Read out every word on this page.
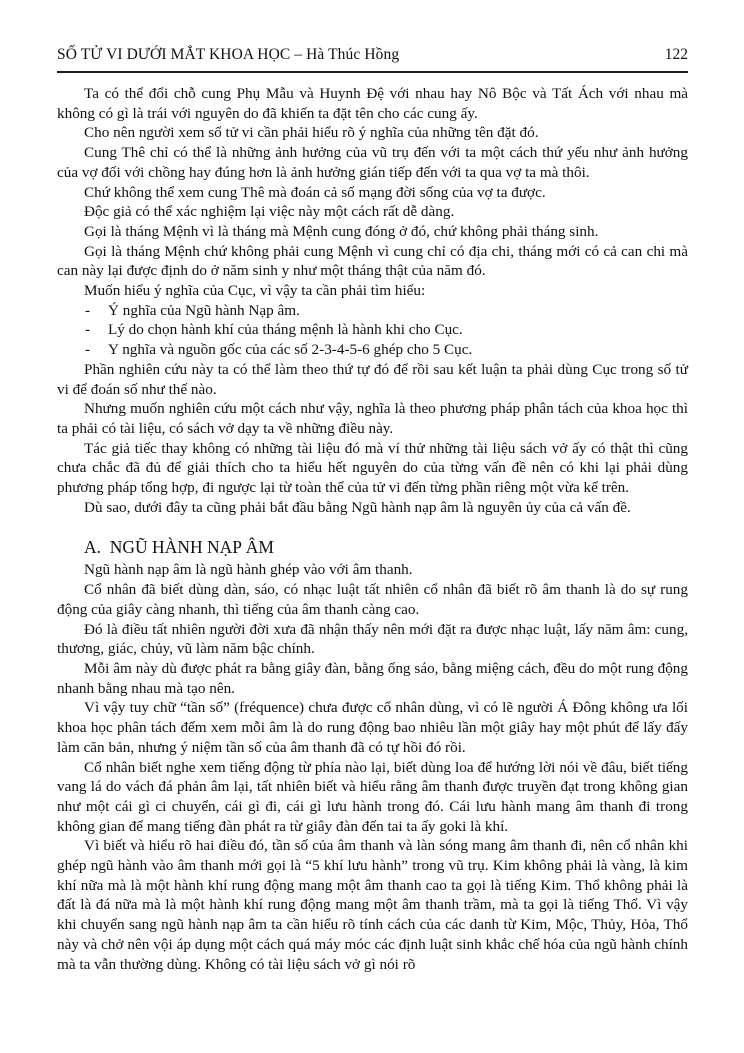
SỐ TỬ VI DƯỚI MẮT KHOA HỌC – Hà Thúc Hồng	122

Ta có thể đổi chỗ cung Phụ Mẫu và Huynh Đệ với nhau hay Nô Bộc và Tất Ách với nhau mà không có gì là trái với nguyên do đã khiến ta đặt tên cho các cung ấy.

Cho nên người xem số tử vi cần phải hiểu rõ ý nghĩa của những tên đặt đó.

Cung Thê chỉ có thể là những ảnh hưởng của vũ trụ đến với ta một cách thứ yếu như ảnh hưởng của vợ đối với chồng hay đúng hơn là ảnh hưởng gián tiếp đến với ta qua vợ ta mà thôi.

Chứ không thể xem cung Thê mà đoán cả số mạng đời sống của vợ ta được.

Độc giả có thể xác nghiệm lại việc này một cách rất dễ dàng.

Gọi là tháng Mệnh vì là tháng mà Mệnh cung đóng ở đó, chứ không phải tháng sinh.

Gọi là tháng Mệnh chứ không phải cung Mệnh vì cung chỉ có địa chi, tháng mới có cả can chi mà can này lại được định do ở năm sinh y như một tháng thật của năm đó.

Muốn hiểu ý nghĩa của Cục, vì vậy ta cần phải tìm hiểu:

- Ý nghĩa của Ngũ hành Nạp âm.
- Lý do chọn hành khí của tháng mệnh là hành khi cho Cục.
- Y nghĩa và nguồn gốc của các số 2-3-4-5-6 ghép cho 5 Cục.

Phần nghiên cứu này ta có thể làm theo thứ tự đó để rồi sau kết luận ta phải dùng Cục trong số tử vi để đoán số như thế nào.

Nhưng muốn nghiên cứu một cách như vậy, nghĩa là theo phương pháp phân tách của khoa học thì ta phải có tài liệu, có sách vở dạy ta về những điều này.

Tác giả tiếc thay không có những tài liệu đó mà ví thử những tài liệu sách vở ấy có thật thì cũng chưa chắc đã đủ để giải thích cho ta hiểu hết nguyên do của từng vấn đề nên có khi lại phải dùng phương pháp tổng hợp, đi ngược lại từ toàn thể của tử vi đến từng phần riêng một vừa kể trên.

Dù sao, dưới đây ta cũng phải bắt đầu bằng Ngũ hành nạp âm là nguyên ủy của cả vấn đề.

A.  NGŨ HÀNH NẠP ÂM

Ngũ hành nạp âm là ngũ hành ghép vào với âm thanh.

Cổ nhân đã biết dùng dàn, sáo, có nhạc luật tất nhiên cổ nhân đã biết rõ âm thanh là do sự rung động của giây càng nhanh, thì tiếng của âm thanh càng cao.

Đó là điều tất nhiên người đời xưa đã nhận thấy nên mới đặt ra được nhạc luật, lấy năm âm: cung, thương, giác, chủy, vũ làm năm bậc chính.

Mỗi âm này dù được phát ra bằng giây đàn, bằng ống sáo, bằng miệng cách, đều do một rung động nhanh bằng nhau mà tạo nên.

Vì vậy tuy chữ “tần số” (fréquence) chưa được cổ nhân dùng, vì có lẽ người Á Đông không ưa lối khoa học phân tách đếm xem mỗi âm là do rung động bao nhiêu lần một giây hay một phút để lấy đấy làm căn bản, nhưng ý niệm tần số của âm thanh đã có tự hồi đó rồi.

Cổ nhân biết nghe xem tiếng động từ phía nào lại, biết dùng loa để hướng lời nói về đâu, biết tiếng vang lá do vách đá phản âm lại, tất nhiên biết và hiểu rằng âm thanh được truyền đạt trong không gian như một cái gì ci chuyển, cái gì đi, cái gì lưu hành trong đó. Cái lưu hành mang âm thanh đi trong không gian để mang tiếng đàn phát ra từ giây đàn đến tai ta ấy goki là khí.

Vì biết và hiểu rõ hai điều đó, tần số của âm thanh và làn sóng mang âm thanh đi, nên cổ nhân khi ghép ngũ hành vào âm thanh mới gọi là “5 khí lưu hành” trong vũ trụ. Kim không phải là vàng, là kim khí nữa mà là một hành khí rung động mang một âm thanh cao ta gọi là tiếng Kim. Thổ không phải là đất là đá nữa mà là một hành khí rung động mang một âm thanh trầm, mà ta gọi là tiếng Thổ. Vì vậy khi chuyển sang ngũ hành nạp âm ta cần hiểu rõ tính cách của các danh từ Kim, Mộc, Thủy, Hỏa, Thổ này và chở nên vội áp dụng một cách quá máy móc các định luật sinh khắc chế hóa của ngũ hành chính mà ta vẫn thường dùng. Không có tài liệu sách vở gì nói rõ
